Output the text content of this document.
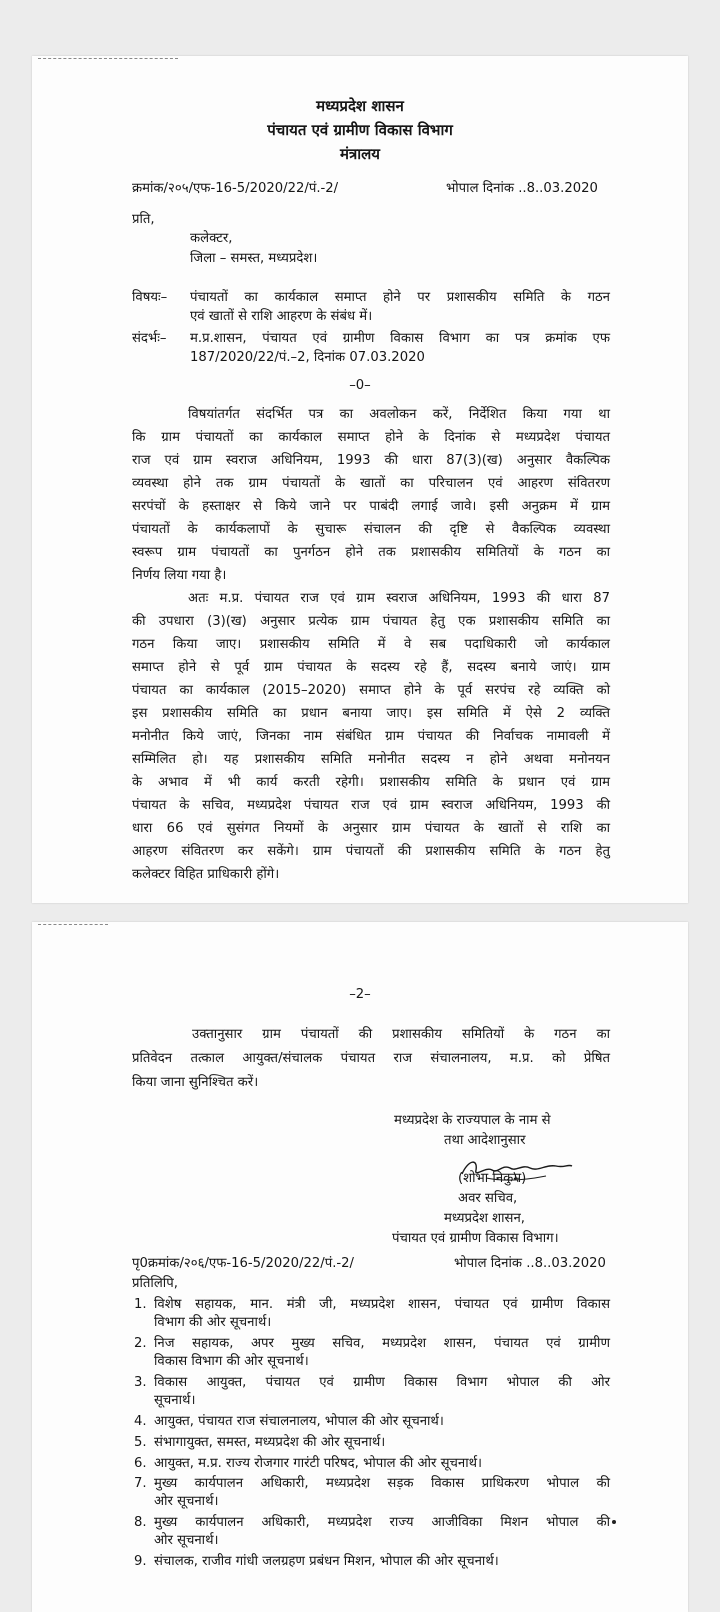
मध्यप्रदेश शासन
पंचायत एवं ग्रामीण विकास विभाग
मंत्रालय
क्रमांक/२०५/एफ-16-5/2020/22/पं.-2/	भोपाल दिनांक ..8..03.2020
प्रति,
कलेक्टर,
जिला – समस्त, मध्यप्रदेश।
विषयः– पंचायतों का कार्यकाल समाप्त होने पर प्रशासकीय समिति के गठन
एवं खातों से राशि आहरण के संबंध में।
संदर्भः– म.प्र.शासन, पंचायत एवं ग्रामीण विकास विभाग का पत्र क्रमांक एफ
187/2020/22/पं.–2, दिनांक 07.03.2020
–0–
विषयांतर्गत संदर्भित पत्र का अवलोकन करें, निर्देशित किया गया था
कि ग्राम पंचायतों का कार्यकाल समाप्त होने के दिनांक से मध्यप्रदेश पंचायत
राज एवं ग्राम स्वराज अधिनियम, 1993 की धारा 87(3)(ख) अनुसार वैकल्पिक
व्यवस्था होने तक ग्राम पंचायतों के खातों का परिचालन एवं आहरण संवितरण
सरपंचों के हस्ताक्षर से किये जाने पर पाबंदी लगाई जावे। इसी अनुक्रम में ग्राम
पंचायतों के कार्यकलापों के सुचारू संचालन की दृष्टि से वैकल्पिक व्यवस्था
स्वरूप ग्राम पंचायतों का पुनर्गठन होने तक प्रशासकीय समितियों के गठन का
निर्णय लिया गया है।
अतः म.प्र. पंचायत राज एवं ग्राम स्वराज अधिनियम, 1993 की धारा 87
की उपधारा (3)(ख) अनुसार प्रत्येक ग्राम पंचायत हेतु एक प्रशासकीय समिति का
गठन किया जाए। प्रशासकीय समिति में वे सब पदाधिकारी जो कार्यकाल
समाप्त होने से पूर्व ग्राम पंचायत के सदस्य रहे हैं, सदस्य बनाये जाएं। ग्राम
पंचायत का कार्यकाल (2015–2020) समाप्त होने के पूर्व सरपंच रहे व्यक्ति को
इस प्रशासकीय समिति का प्रधान बनाया जाए। इस समिति में ऐसे 2 व्यक्ति
मनोनीत किये जाएं, जिनका नाम संबंधित ग्राम पंचायत की निर्वाचक नामावली में
सम्मिलित हो। यह प्रशासकीय समिति मनोनीत सदस्य न होने अथवा मनोनयन
के अभाव में भी कार्य करती रहेगी। प्रशासकीय समिति के प्रधान एवं ग्राम
पंचायत के सचिव, मध्यप्रदेश पंचायत राज एवं ग्राम स्वराज अधिनियम, 1993 की
धारा 66 एवं सुसंगत नियमों के अनुसार ग्राम पंचायत के खातों से राशि का
आहरण संवितरण कर सकेंगे। ग्राम पंचायतों की प्रशासकीय समिति के गठन हेतु
कलेक्टर विहित प्राधिकारी होंगे।
–2–
उक्तानुसार ग्राम पंचायतों की प्रशासकीय समितियों के गठन का
प्रतिवेदन तत्काल आयुक्त/संचालक पंचायत राज संचालनालय, म.प्र. को प्रेषित
किया जाना सुनिश्चित करें।
मध्यप्रदेश के राज्यपाल के नाम से
तथा आदेशानुसार
(शोभा निकुम)
अवर सचिव,
मध्यप्रदेश शासन,
पंचायत एवं ग्रामीण विकास विभाग।
पृ0क्रमांक/२०६/एफ-16-5/2020/22/पं.-2/	भोपाल दिनांक ..8..03.2020
प्रतिलिपि,
1. विशेष सहायक, मान. मंत्री जी, मध्यप्रदेश शासन, पंचायत एवं ग्रामीण विकास
विभाग की ओर सूचनार्थ।
2. निज सहायक, अपर मुख्य सचिव, मध्यप्रदेश शासन, पंचायत एवं ग्रामीण
विकास विभाग की ओर सूचनार्थ।
3. विकास आयुक्त, पंचायत एवं ग्रामीण विकास विभाग भोपाल की ओर
सूचनार्थ।
4. आयुक्त, पंचायत राज संचालनालय, भोपाल की ओर सूचनार्थ।
5. संभागायुक्त, समस्त, मध्यप्रदेश की ओर सूचनार्थ।
6. आयुक्त, म.प्र. राज्य रोजगार गारंटी परिषद, भोपाल की ओर सूचनार्थ।
7. मुख्य कार्यपालन अधिकारी, मध्यप्रदेश सड़क विकास प्राधिकरण भोपाल की
ओर सूचनार्थ।
8. मुख्य कार्यपालन अधिकारी, मध्यप्रदेश राज्य आजीविका मिशन भोपाल की
ओर सूचनार्थ।
9. संचालक, राजीव गांधी जलग्रहण प्रबंधन मिशन, भोपाल की ओर सूचनार्थ।
